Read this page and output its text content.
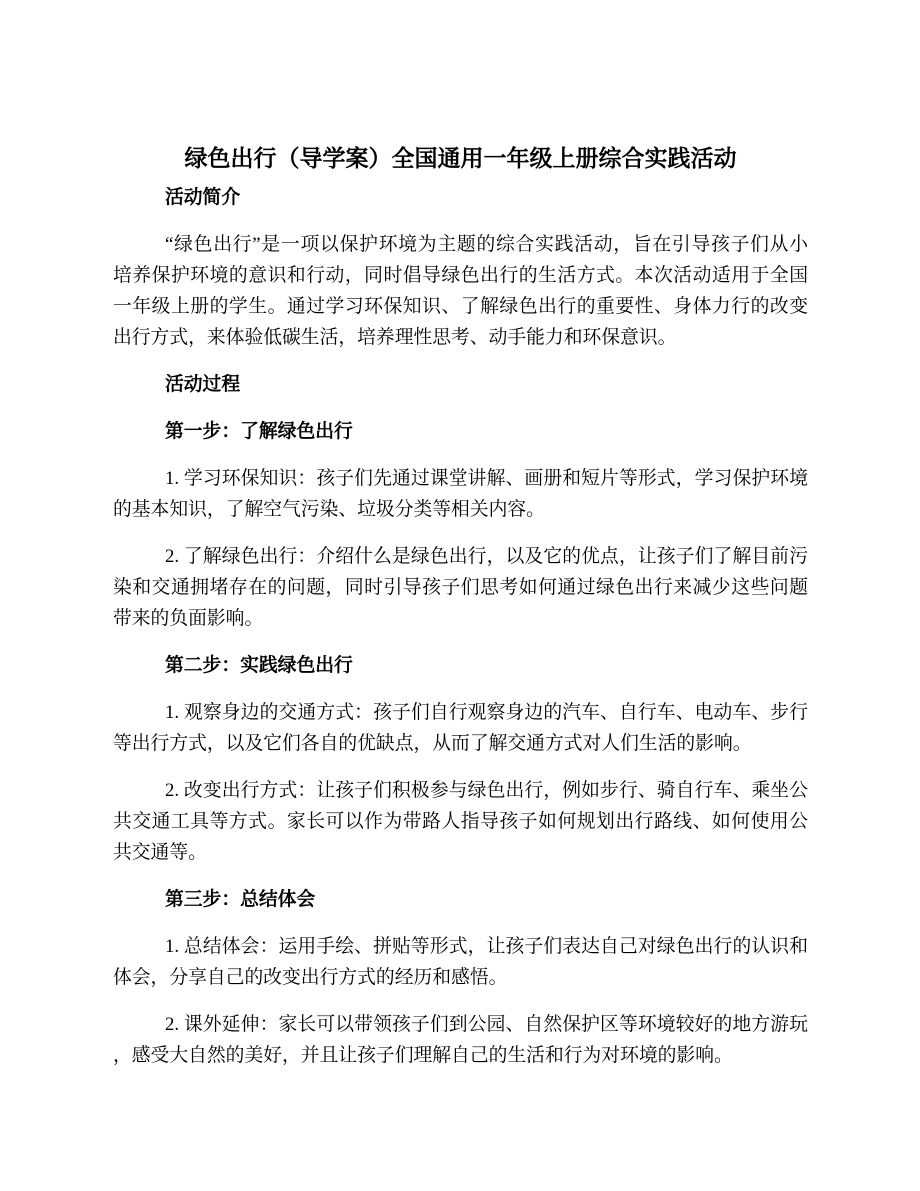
绿色出行（导学案）全国通用一年级上册综合实践活动
活动简介
“绿色出行”是一项以保护环境为主题的综合实践活动，旨在引导孩子们从小
培养保护环境的意识和行动，同时倡导绿色出行的生活方式。本次活动适用于全国
一年级上册的学生。通过学习环保知识、了解绿色出行的重要性、身体力行的改变
出行方式，来体验低碳生活，培养理性思考、动手能力和环保意识。
活动过程
第一步：了解绿色出行
1. 学习环保知识：孩子们先通过课堂讲解、画册和短片等形式，学习保护环境
的基本知识，了解空气污染、垃圾分类等相关内容。
2. 了解绿色出行：介绍什么是绿色出行，以及它的优点，让孩子们了解目前污
染和交通拥堵存在的问题，同时引导孩子们思考如何通过绿色出行来减少这些问题
带来的负面影响。
第二步：实践绿色出行
1. 观察身边的交通方式：孩子们自行观察身边的汽车、自行车、电动车、步行
等出行方式，以及它们各自的优缺点，从而了解交通方式对人们生活的影响。
2. 改变出行方式：让孩子们积极参与绿色出行，例如步行、骑自行车、乘坐公
共交通工具等方式。家长可以作为带路人指导孩子如何规划出行路线、如何使用公
共交通等。
第三步：总结体会
1. 总结体会：运用手绘、拼贴等形式，让孩子们表达自己对绿色出行的认识和
体会，分享自己的改变出行方式的经历和感悟。
2. 课外延伸：家长可以带领孩子们到公园、自然保护区等环境较好的地方游玩
，感受大自然的美好，并且让孩子们理解自己的生活和行为对环境的影响。
